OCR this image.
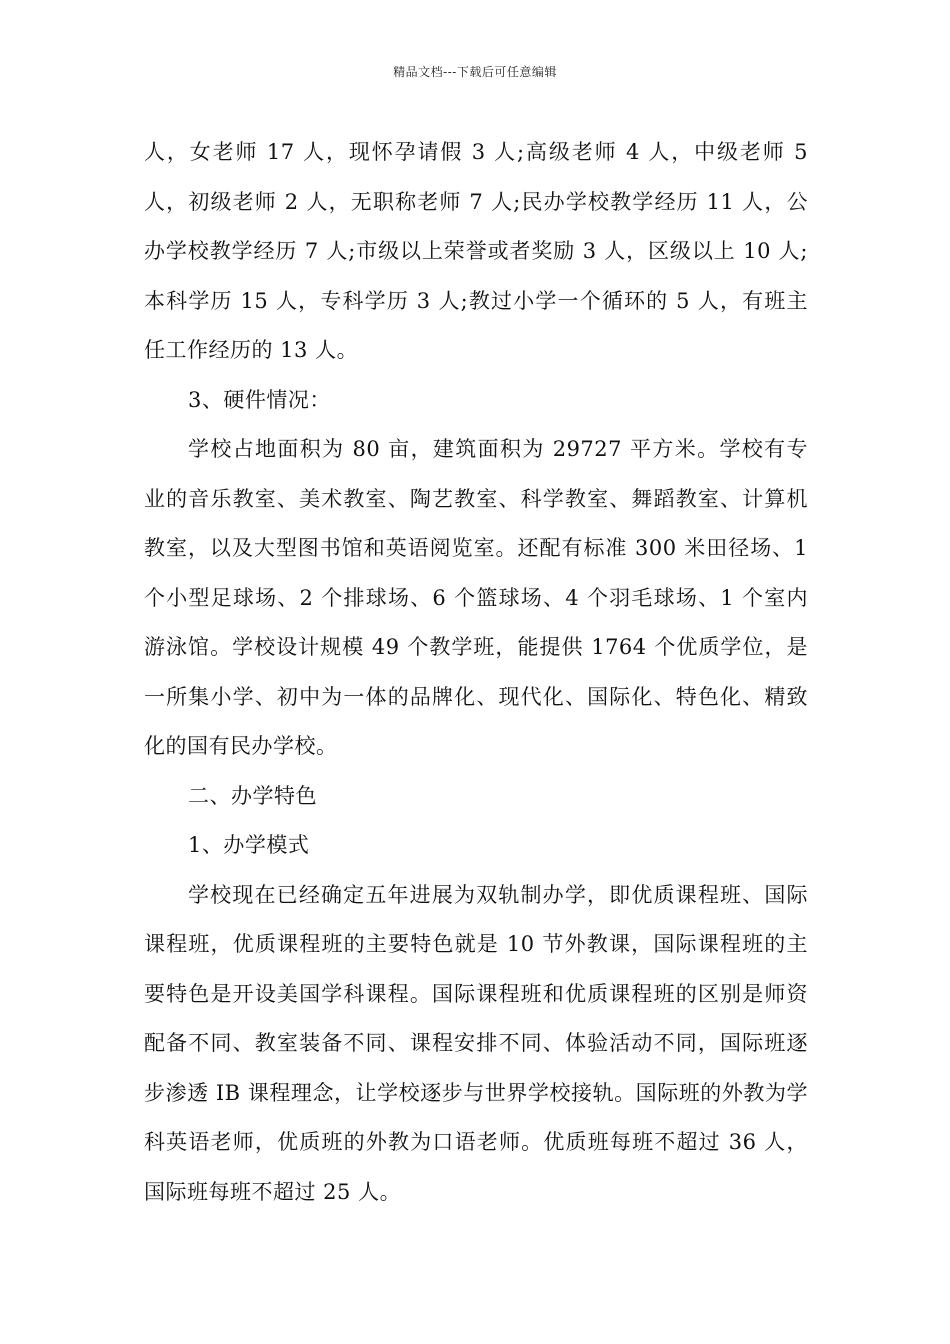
精品文档---下载后可任意编辑

人，女老师 17 人，现怀孕请假 3 人;高级老师 4 人，中级老师 5 人，初级老师 2 人，无职称老师 7 人;民办学校教学经历 11 人，公办学校教学经历 7 人;市级以上荣誉或者奖励 3 人，区级以上 10 人;本科学历 15 人，专科学历 3 人;教过小学一个循环的 5 人，有班主任工作经历的 13 人。

3、硬件情况：

学校占地面积为 80 亩，建筑面积为 29727 平方米。学校有专业的音乐教室、美术教室、陶艺教室、科学教室、舞蹈教室、计算机教室，以及大型图书馆和英语阅览室。还配有标准 300 米田径场、1 个小型足球场、2 个排球场、6 个篮球场、4 个羽毛球场、1 个室内游泳馆。学校设计规模 49 个教学班，能提供 1764 个优质学位，是一所集小学、初中为一体的品牌化、现代化、国际化、特色化、精致化的国有民办学校。

二、办学特色

1、办学模式

学校现在已经确定五年进展为双轨制办学，即优质课程班、国际课程班，优质课程班的主要特色就是 10 节外教课，国际课程班的主要特色是开设美国学科课程。国际课程班和优质课程班的区别是师资配备不同、教室装备不同、课程安排不同、体验活动不同，国际班逐步渗透 IB 课程理念，让学校逐步与世界学校接轨。国际班的外教为学科英语老师，优质班的外教为口语老师。优质班每班不超过 36 人，国际班每班不超过 25 人。
